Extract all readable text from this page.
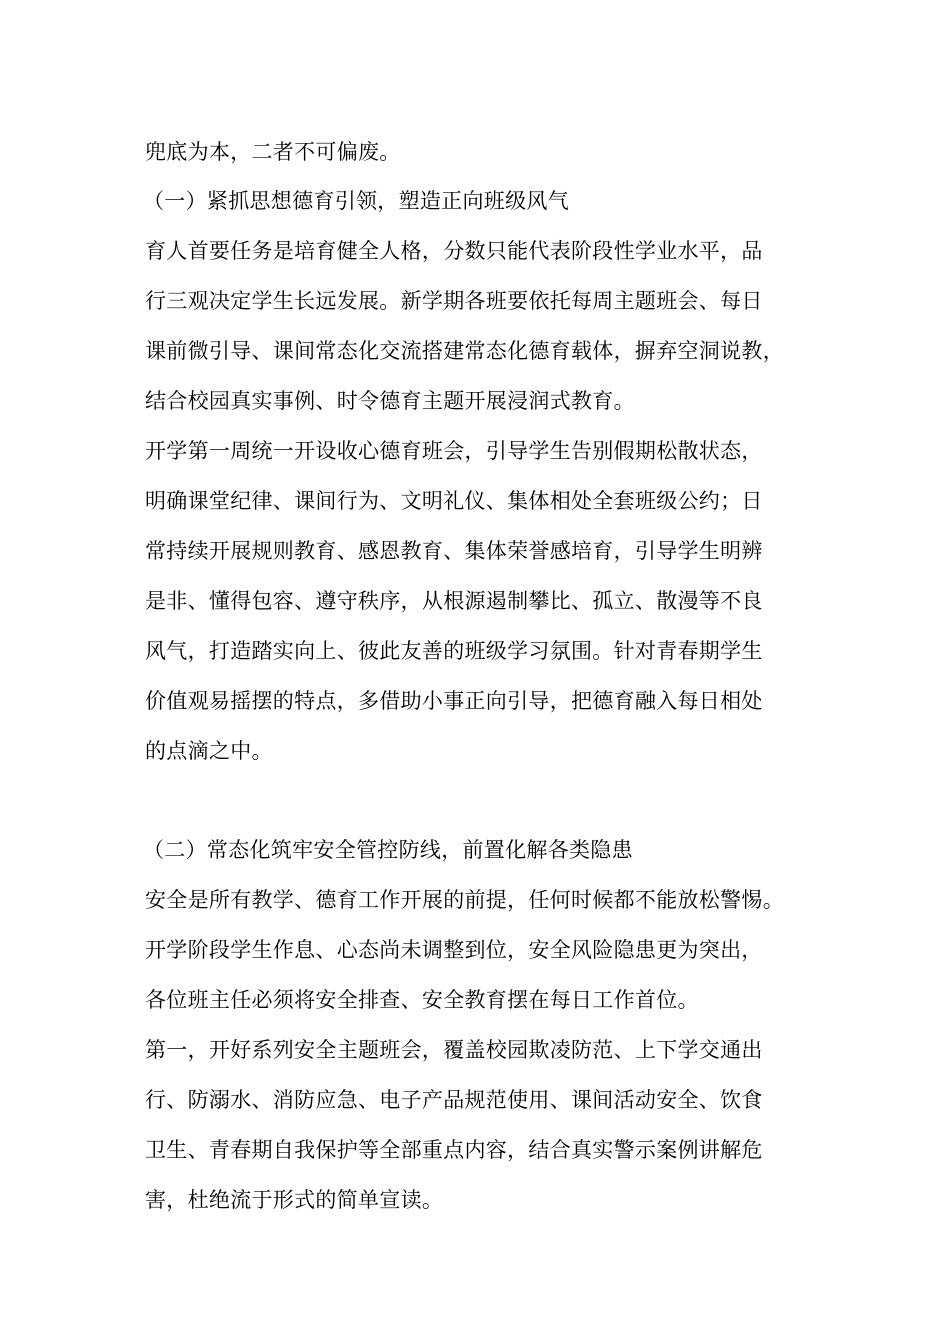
兜底为本，二者不可偏废。
（一）紧抓思想德育引领，塑造正向班级风气
育人首要任务是培育健全人格，分数只能代表阶段性学业水平，品
行三观决定学生长远发展。新学期各班要依托每周主题班会、每日
课前微引导、课间常态化交流搭建常态化德育载体，摒弃空洞说教，
结合校园真实事例、时令德育主题开展浸润式教育。
开学第一周统一开设收心德育班会，引导学生告别假期松散状态，
明确课堂纪律、课间行为、文明礼仪、集体相处全套班级公约；日
常持续开展规则教育、感恩教育、集体荣誉感培育，引导学生明辨
是非、懂得包容、遵守秩序，从根源遏制攀比、孤立、散漫等不良
风气，打造踏实向上、彼此友善的班级学习氛围。针对青春期学生
价值观易摇摆的特点，多借助小事正向引导，把德育融入每日相处
的点滴之中。
（二）常态化筑牢安全管控防线，前置化解各类隐患
安全是所有教学、德育工作开展的前提，任何时候都不能放松警惕。
开学阶段学生作息、心态尚未调整到位，安全风险隐患更为突出，
各位班主任必须将安全排查、安全教育摆在每日工作首位。
第一，开好系列安全主题班会，覆盖校园欺凌防范、上下学交通出
行、防溺水、消防应急、电子产品规范使用、课间活动安全、饮食
卫生、青春期自我保护等全部重点内容，结合真实警示案例讲解危
害，杜绝流于形式的简单宣读。
